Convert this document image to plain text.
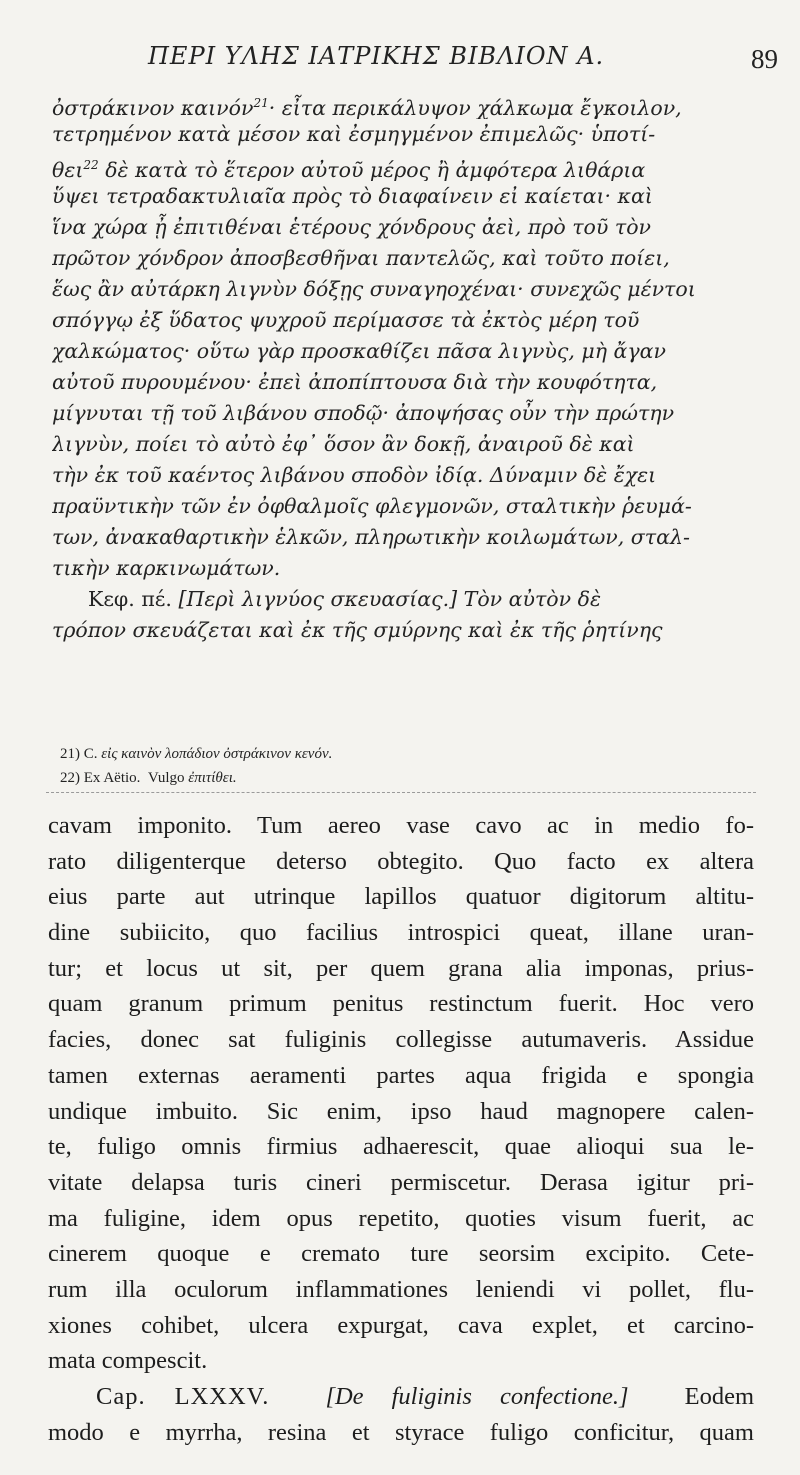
ΠΕΡΙ ΥΛΗΣ ΙΑΤΡΙΚΗΣ ΒΙΒΛΙΟΝ Α.	89
ὀστράκινον καινόν$^{21}$· εἶτα περικάλυψον χάλκωμα ἔγκοιλον,
τετρημένον κατὰ μέσον καὶ ἐσμηγμένον ἐπιμελῶς· ὑποτί-
θει$^{22}$ δὲ κατὰ τὸ ἕτερον αὐτοῦ μέρος ἢ ἀμφότερα λιθάρια
ὕψει τετραδακτυλιαῖα πρὸς τὸ διαφαίνειν εἰ καίεται· καὶ
ἵνα χώρα ᾖ ἐπιτιθέναι ἑτέρους χόνδρους ἀεὶ, πρὸ τοῦ τὸν
πρῶτον χόνδρον ἀποσβεσθῆναι παντελῶς, καὶ τοῦτο ποίει,
ἕως ἂν αὐτάρκη λιγνὺν δόξῃς συναγηοχέναι· συνεχῶς μέντοι
σπόγγῳ ἐξ ὕδατος ψυχροῦ περίμασσε τὰ ἐκτὸς μέρη τοῦ
χαλκώματος· οὕτω γὰρ προσκαθίζει πᾶσα λιγνὺς, μὴ ἄγαν
αὐτοῦ πυρουμένου· ἐπεὶ ἀποπίπτουσα διὰ τὴν κουφότητα,
μίγνυται τῇ τοῦ λιβάνου σποδῷ· ἀποψήσας οὖν τὴν πρώτην
λιγνὺν, ποίει τὸ αὐτὸ ἐφ᾽ ὅσον ἂν δοκῇ, ἀναιροῦ δὲ καὶ
τὴν ἐκ τοῦ καέντος λιβάνου σποδὸν ἰδίᾳ. Δύναμιν δὲ ἔχει
πραϋντικὴν τῶν ἐν ὀφθαλμοῖς φλεγμονῶν, σταλτικὴν ῥευμά-
των, ἀνακαθαρτικὴν ἑλκῶν, πληρωτικὴν κοιλωμάτων, σταλ-
τικὴν καρκινωμάτων.
Κεφ. πέ. [Περὶ λιγνύος σκευασίας.] Τὸν αὐτὸν δὲ
τρόπον σκευάζεται καὶ ἐκ τῆς σμύρνης καὶ ἐκ τῆς ῥητίνης
21) C. εἰς καινὸν λοπάδιον ὀστράκινον κενόν.
22) Ex Aëtio. Vulgo ἐπιτίθει.
cavam imponito. Tum aereo vase cavo ac in medio fo-
rato diligenterque deterso obtegito. Quo facto ex altera
eius parte aut utrinque lapillos quatuor digitorum altitu-
dine subiicito, quo facilius introspici queat, illane uran-
tur; et locus ut sit, per quem grana alia imponas, prius-
quam granum primum penitus restinctum fuerit. Hoc vero
facies, donec sat fuliginis collegisse autumaveris. Assidue
tamen externas aeramenti partes aqua frigida e spongia
undique imbuito. Sic enim, ipso haud magnopere calen-
te, fuligo omnis firmius adhaerescit, quae alioqui sua le-
vitate delapsa turis cineri permiscetur. Derasa igitur pri-
ma fuligine, idem opus repetito, quoties visum fuerit, ac
cinerem quoque e cremato ture seorsim excipito. Cete-
rum illa oculorum inflammationes leniendi vi pollet, flu-
xiones cohibet, ulcera expurgat, cava explet, et carcino-
mata compescit.
Cap. LXXXV. [De fuliginis confectione.] Eodem
modo e myrrha, resina et styrace fuligo conficitur, quam
